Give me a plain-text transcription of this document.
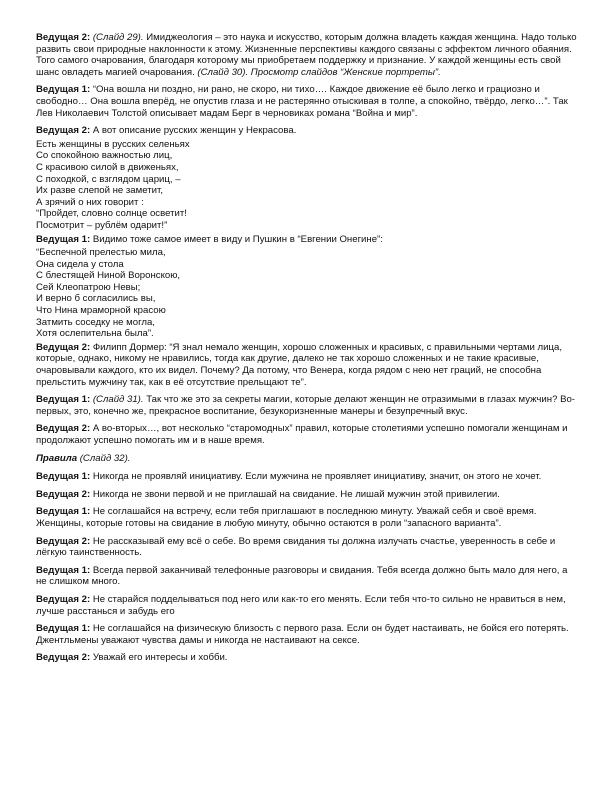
Ведущая 2: (Слайд 29). Имиджеология – это наука и искусство, которым должна владеть каждая женщина. Надо только развить свои природные наклонности к этому. Жизненные перспективы каждого связаны с эффектом личного обаяния. Того самого очарования, благодаря которому мы приобретаем поддержку и признание. У каждой женщины есть свой шанс овладеть магией очарования. (Слайд 30). Просмотр слайдов “Женские портреты”.

Ведущая 1: “Она вошла ни поздно, ни рано, не скоро, ни тихо…. Каждое движение её было легко и грациозно и свободно… Она вошла вперёд, не опустив глаза и не растерянно отыскивая в толпе, а спокойно, твёрдо, легко…”. Так Лев Николаевич Толстой описывает мадам Берг в черновиках романа “Война и мир”.

Ведущая 2: А вот описание русских женщин у Некрасова.

Есть женщины в русских селеньях
Со спокойною важностью лиц,
С красивою силой в движеньях,
С походкой, с взглядом цариц, –
Их разве слепой не заметит,
А зрячий о них говорит :
“Пройдет, словно солнце осветит!
Посмотрит – рублём одарит!”

Ведущая 1: Видимо тоже самое имеет в виду и Пушкин в “Евгении Онегине”:

“Беспечной прелестью мила,
Она сидела у стола
С блестящей Ниной Воронскою,
Сей Клеопатрою Невы;
И верно б согласились вы,
Что Нина мраморной красою
Затмить соседку не могла,
Хотя ослепительна была”.

Ведущая 2: Филипп Дормер: “Я знал немало женщин, хорошо сложенных и красивых, с правильными чертами лица, которые, однако, никому не нравились, тогда как другие, далеко не так хорошо сложенных и не такие красивые, очаровывали каждого, кто их видел. Почему? Да потому, что Венера, когда рядом с нею нет граций, не способна прельстить мужчину так, как в её отсутствие прельщают те”.

Ведущая 1: (Слайд 31). Так что же это за секреты магии, которые делают женщин не отразимыми в глазах мужчин? Во-первых, это, конечно же, прекрасное воспитание, безукоризненные манеры и безупречный вкус.

Ведущая 2: А во-вторых…, вот несколько “старомодных” правил, которые столетиями успешно помогали женщинам и продолжают успешно помогать им и в наше время.

Правила (Слайд 32).

Ведущая 1: Никогда не проявляй инициативу. Если мужчина не проявляет инициативу, значит, он этого не хочет.

Ведущая 2: Никогда не звони первой и не приглашай на свидание. Не лишай мужчин этой привилегии.

Ведущая 1: Не соглашайся на встречу, если тебя приглашают в последнюю минуту. Уважай себя и своё время. Женщины, которые готовы на свидание в любую минуту, обычно остаются в роли “запасного варианта”.

Ведущая 2: Не рассказывай ему всё о себе. Во время свидания ты должна излучать счастье, уверенность в себе и лёгкую таинственность.

Ведущая 1: Всегда первой заканчивай телефонные разговоры и свидания. Тебя всегда должно быть мало для него, а не слишком много.

Ведущая 2: Не старайся подделываться под него или как-то его менять. Если тебя что-то сильно не нравиться в нем, лучше расстанься и забудь его

Ведущая 1: Не соглашайся на физическую близость с первого раза. Если он будет настаивать, не бойся его потерять. Джентльмены уважают чувства дамы и никогда не настаивают на сексе.

Ведущая 2: Уважай его интересы и хобби.
